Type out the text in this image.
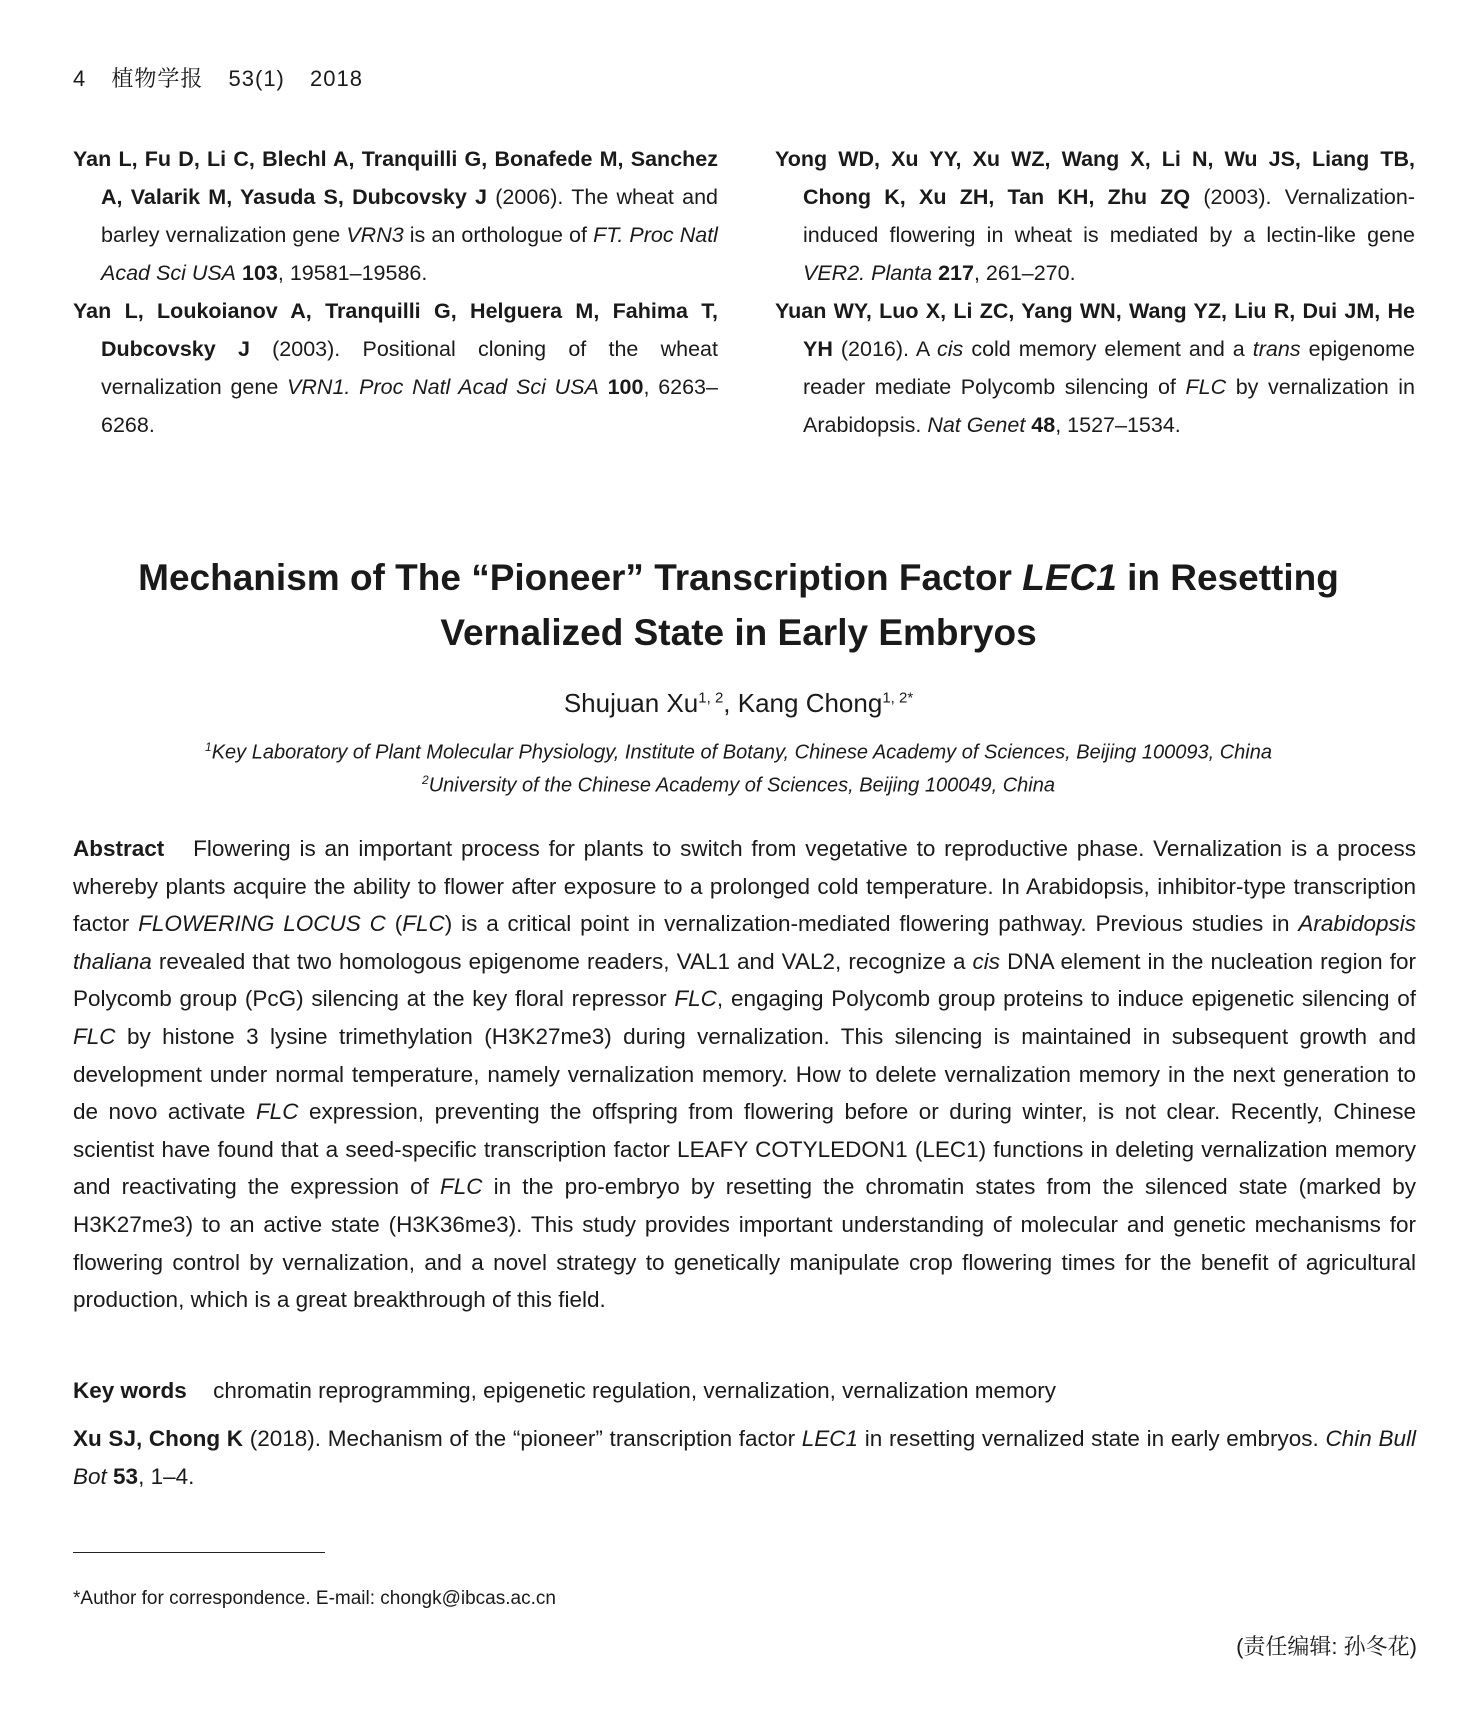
4 植物学报 53(1) 2018

Yan L, Fu D, Li C, Blechl A, Tranquilli G, Bonafede M, Sanchez A, Valarik M, Yasuda S, Dubcovsky J (2006). The wheat and barley vernalization gene VRN3 is an orthologue of FT. Proc Natl Acad Sci USA 103, 19581–19586.

Yan L, Loukoianov A, Tranquilli G, Helguera M, Fahima T, Dubcovsky J (2003). Positional cloning of the wheat vernalization gene VRN1. Proc Natl Acad Sci USA 100, 6263–6268.

Yong WD, Xu YY, Xu WZ, Wang X, Li N, Wu JS, Liang TB, Chong K, Xu ZH, Tan KH, Zhu ZQ (2003). Vernalization-induced flowering in wheat is mediated by a lectin-like gene VER2. Planta 217, 261–270.

Yuan WY, Luo X, Li ZC, Yang WN, Wang YZ, Liu R, Dui JM, He YH (2016). A cis cold memory element and a trans epigenome reader mediate Polycomb silencing of FLC by vernalization in Arabidopsis. Nat Genet 48, 1527–1534.

Mechanism of The “Pioneer” Transcription Factor LEC1 in Resetting Vernalized State in Early Embryos
Shujuan Xu$^{1, 2}$, Kang Chong$^{1, 2*}$
$^1$Key Laboratory of Plant Molecular Physiology, Institute of Botany, Chinese Academy of Sciences, Beijing 100093, China
$^2$University of the Chinese Academy of Sciences, Beijing 100049, China
Abstract Flowering is an important process for plants to switch from vegetative to reproductive phase. Vernalization is a process whereby plants acquire the ability to flower after exposure to a prolonged cold temperature. In Arabidopsis, inhibitor-type transcription factor FLOWERING LOCUS C (FLC) is a critical point in vernalization-mediated flowering pathway. Previous studies in Arabidopsis thaliana revealed that two homologous epigenome readers, VAL1 and VAL2, recognize a cis DNA element in the nucleation region for Polycomb group (PcG) silencing at the key floral repressor FLC, engaging Polycomb group proteins to induce epigenetic silencing of FLC by histone 3 lysine trimethylation (H3K27me3) during vernalization. This silencing is maintained in subsequent growth and development under normal temperature, namely vernalization memory. How to delete vernalization memory in the next generation to de novo activate FLC expression, preventing the offspring from flowering before or during winter, is not clear. Recently, Chinese scientist have found that a seed-specific transcription factor LEAFY COTYLEDON1 (LEC1) functions in deleting vernalization memory and reactivating the expression of FLC in the pro-embryo by resetting the chromatin states from the silenced state (marked by H3K27me3) to an active state (H3K36me3). This study provides important understanding of molecular and genetic mechanisms for flowering control by vernalization, and a novel strategy to genetically manipulate crop flowering times for the benefit of agricultural production, which is a great breakthrough of this field.
Key words chromatin reprogramming, epigenetic regulation, vernalization, vernalization memory
Xu SJ, Chong K (2018). Mechanism of the “pioneer” transcription factor LEC1 in resetting vernalized state in early embryos. Chin Bull Bot 53, 1–4.
*Author for correspondence. E-mail: chongk@ibcas.ac.cn
(责任编辑: 孙冬花)
